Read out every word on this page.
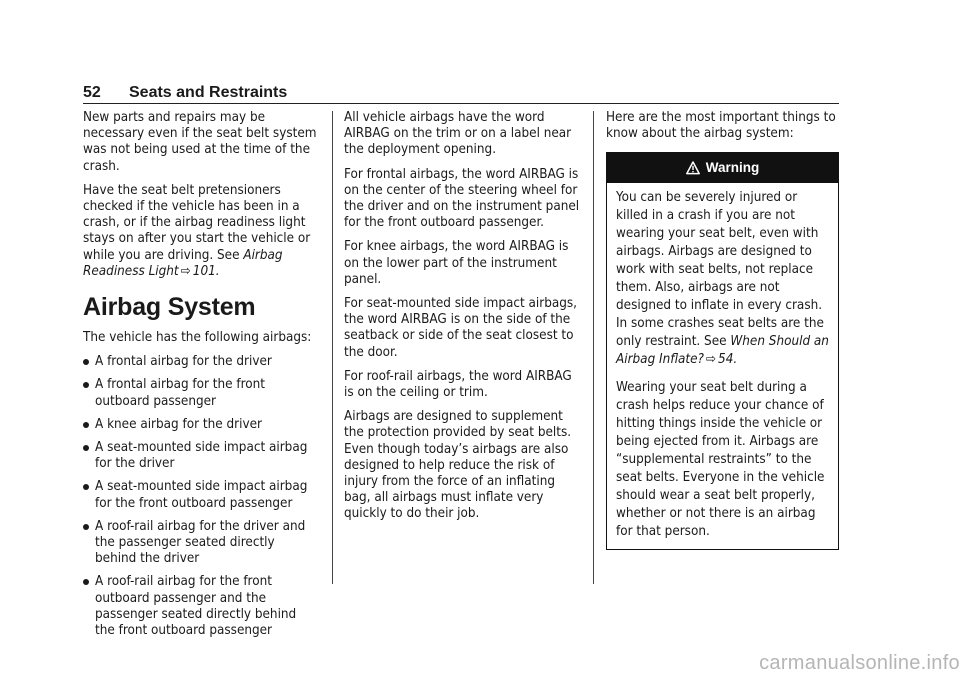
52 Seats and Restraints

New parts and repairs may be necessary even if the seat belt system was not being used at the time of the crash.

Have the seat belt pretensioners checked if the vehicle has been in a crash, or if the airbag readiness light stays on after you start the vehicle or while you are driving. See Airbag Readiness Light ⇨ 101.

Airbag System

The vehicle has the following airbags:

A frontal airbag for the driver
A frontal airbag for the front outboard passenger
A knee airbag for the driver
A seat-mounted side impact airbag for the driver
A seat-mounted side impact airbag for the front outboard passenger
A roof-rail airbag for the driver and the passenger seated directly behind the driver
A roof-rail airbag for the front outboard passenger and the passenger seated directly behind the front outboard passenger

All vehicle airbags have the word AIRBAG on the trim or on a label near the deployment opening.

For frontal airbags, the word AIRBAG is on the center of the steering wheel for the driver and on the instrument panel for the front outboard passenger.

For knee airbags, the word AIRBAG is on the lower part of the instrument panel.

For seat-mounted side impact airbags, the word AIRBAG is on the side of the seatback or side of the seat closest to the door.

For roof-rail airbags, the word AIRBAG is on the ceiling or trim.

Airbags are designed to supplement the protection provided by seat belts. Even though today’s airbags are also designed to help reduce the risk of injury from the force of an inflating bag, all airbags must inflate very quickly to do their job.

Here are the most important things to know about the airbag system:

Warning

You can be severely injured or killed in a crash if you are not wearing your seat belt, even with airbags. Airbags are designed to work with seat belts, not replace them. Also, airbags are not designed to inflate in every crash. In some crashes seat belts are the only restraint. See When Should an Airbag Inflate? ⇨ 54.

Wearing your seat belt during a crash helps reduce your chance of hitting things inside the vehicle or being ejected from it. Airbags are “supplemental restraints” to the seat belts. Everyone in the vehicle should wear a seat belt properly, whether or not there is an airbag for that person.

carmanualsonline.info
